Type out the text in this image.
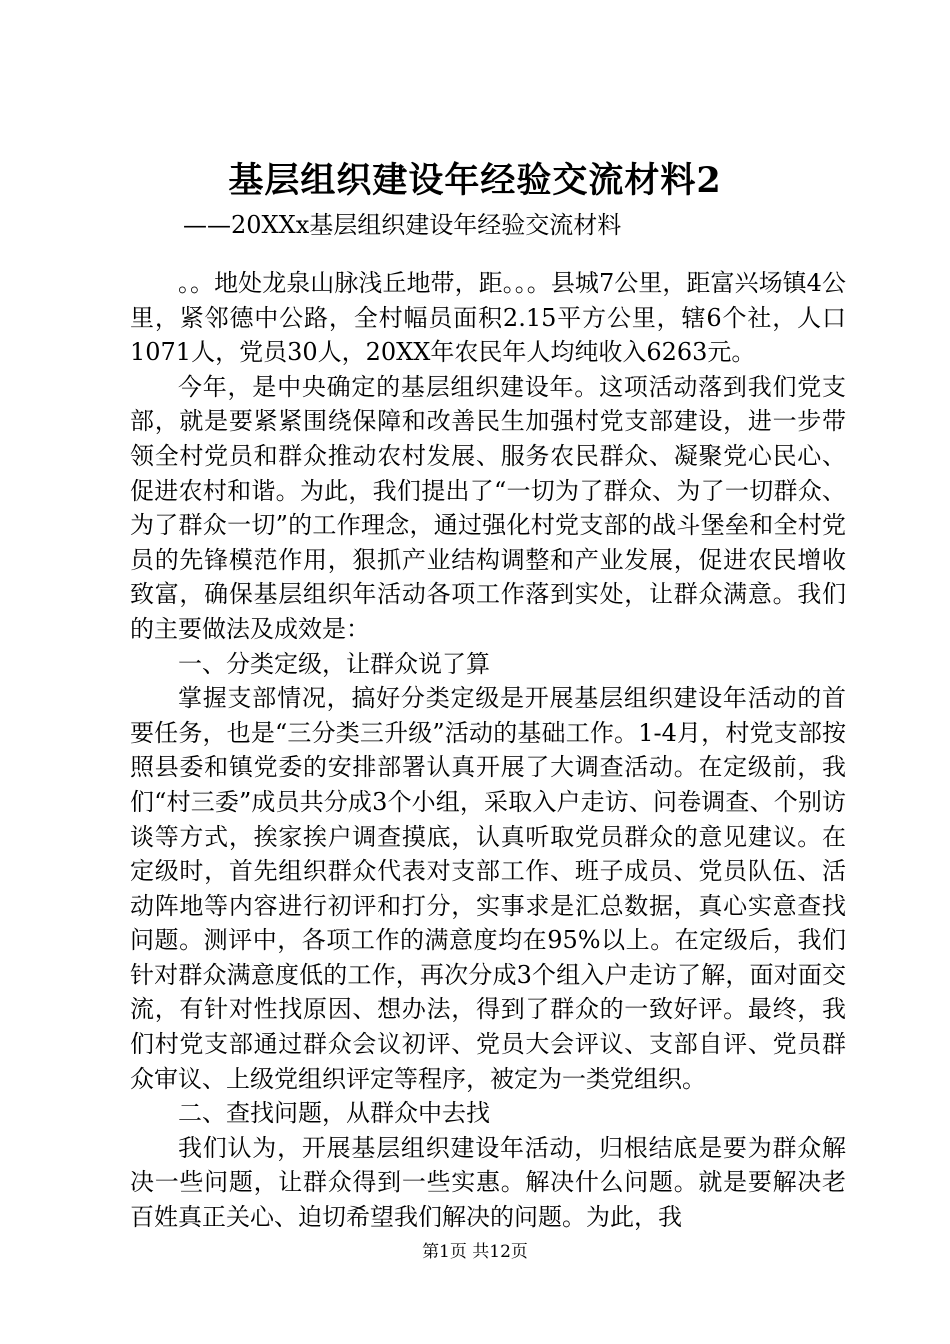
基层组织建设年经验交流材料2
——20XXx基层组织建设年经验交流材料

。。地处龙泉山脉浅丘地带，距。。。县城7公里，距富兴场镇4公里，紧邻德中公路，全村幅员面积2.15平方公里，辖6个社，人口1071人，党员30人，20XX年农民年人均纯收入6263元。

今年，是中央确定的基层组织建设年。这项活动落到我们党支部，就是要紧紧围绕保障和改善民生加强村党支部建设，进一步带领全村党员和群众推动农村发展、服务农民群众、凝聚党心民心、促进农村和谐。为此，我们提出了“一切为了群众、为了一切群众、为了群众一切”的工作理念，通过强化村党支部的战斗堡垒和全村党员的先锋模范作用，狠抓产业结构调整和产业发展，促进农民增收致富，确保基层组织年活动各项工作落到实处，让群众满意。我们的主要做法及成效是：

一、分类定级，让群众说了算

掌握支部情况，搞好分类定级是开展基层组织建设年活动的首要任务，也是“三分类三升级”活动的基础工作。1-4月，村党支部按照县委和镇党委的安排部署认真开展了大调查活动。在定级前，我们“村三委”成员共分成3个小组，采取入户走访、问卷调查、个别访谈等方式，挨家挨户调查摸底，认真听取党员群众的意见建议。在定级时，首先组织群众代表对支部工作、班子成员、党员队伍、活动阵地等内容进行初评和打分，实事求是汇总数据，真心实意查找问题。测评中，各项工作的满意度均在95%以上。在定级后，我们针对群众满意度低的工作，再次分成3个组入户走访了解，面对面交流，有针对性找原因、想办法，得到了群众的一致好评。最终，我们村党支部通过群众会议初评、党员大会评议、支部自评、党员群众审议、上级党组织评定等程序，被定为一类党组织。

二、查找问题，从群众中去找

我们认为，开展基层组织建设年活动，归根结底是要为群众解决一些问题，让群众得到一些实惠。解决什么问题。就是要解决老百姓真正关心、迫切希望我们解决的问题。为此，我

第1页 共12页
